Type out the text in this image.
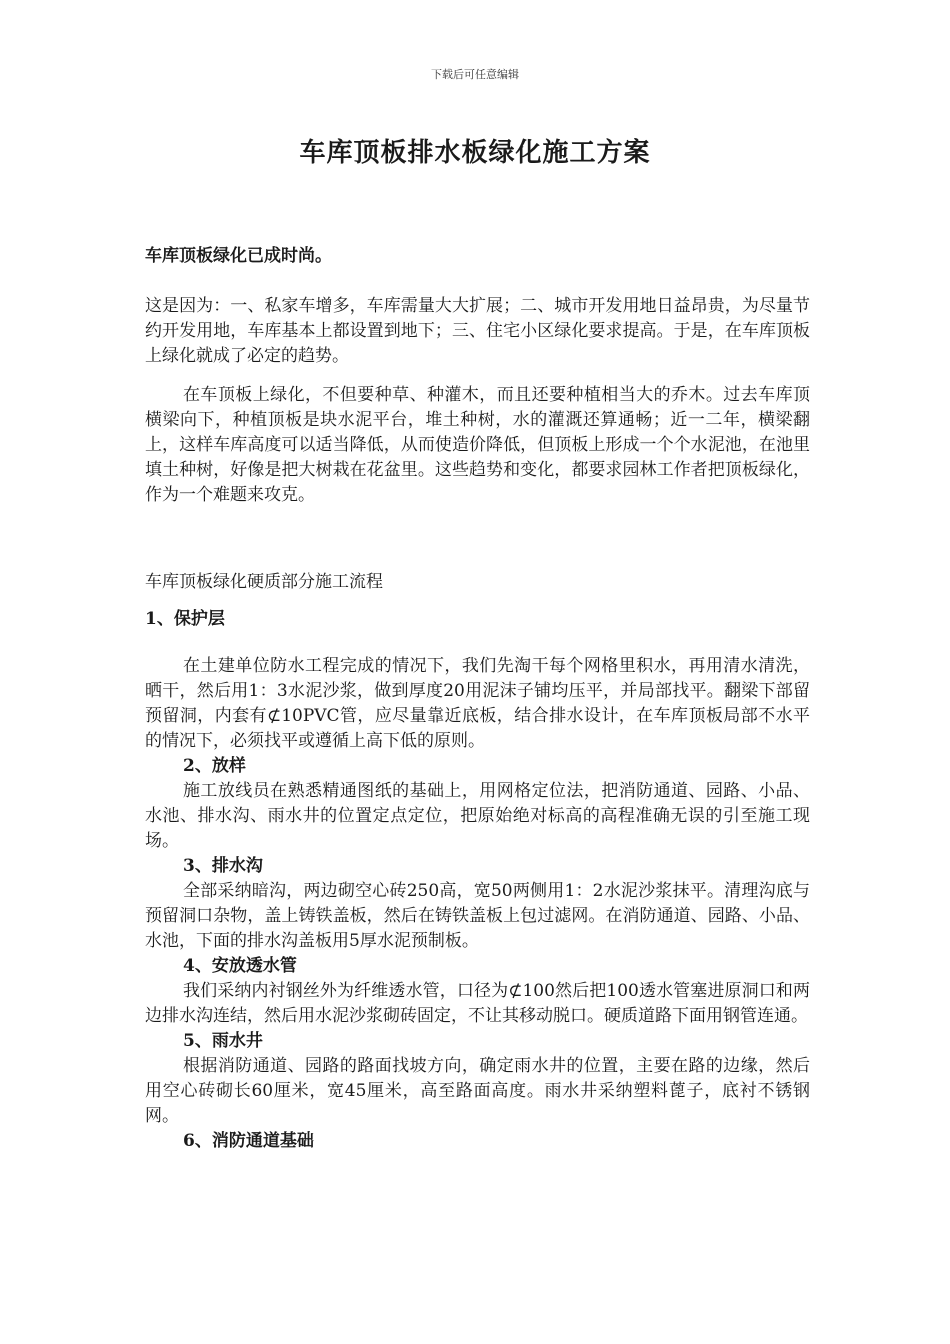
下载后可任意编辑
车库顶板排水板绿化施工方案

车库顶板绿化已成时尚。

这是因为：一、私家车增多，车库需量大大扩展；二、城市开发用地日益昂贵，为尽量节约开发用地，车库基本上都设置到地下；三、住宅小区绿化要求提高。于是，在车库顶板上绿化就成了必定的趋势。

在车顶板上绿化，不但要种草、种灌木，而且还要种植相当大的乔木。过去车库顶横梁向下，种植顶板是块水泥平台，堆土种树，水的灌溉还算通畅；近一二年，横梁翻上，这样车库高度可以适当降低，从而使造价降低，但顶板上形成一个个水泥池，在池里填土种树，好像是把大树栽在花盆里。这些趋势和变化，都要求园林工作者把顶板绿化，作为一个难题来攻克。

车库顶板绿化硬质部分施工流程

1、保护层

在土建单位防水工程完成的情况下，我们先淘干每个网格里积水，再用清水清洗，晒干，然后用1：3水泥沙浆，做到厚度20用泥沫子铺均压平，并局部找平。翻梁下部留预留洞，内套有⊄10PVC管，应尽量靠近底板，结合排水设计，在车库顶板局部不水平的情况下，必须找平或遵循上高下低的原则。

2、放样

施工放线员在熟悉精通图纸的基础上，用网格定位法，把消防通道、园路、小品、水池、排水沟、雨水井的位置定点定位，把原始绝对标高的高程准确无误的引至施工现场。

3、排水沟

全部采纳暗沟，两边砌空心砖250高，宽50两侧用1：2水泥沙浆抹平。清理沟底与预留洞口杂物，盖上铸铁盖板，然后在铸铁盖板上包过滤网。在消防通道、园路、小品、水池，下面的排水沟盖板用5厚水泥预制板。

4、安放透水管

我们采纳内衬钢丝外为纤维透水管，口径为⊄100然后把100透水管塞进原洞口和两边排水沟连结，然后用水泥沙浆砌砖固定，不让其移动脱口。硬质道路下面用钢管连通。

5、雨水井

根据消防通道、园路的路面找坡方向，确定雨水井的位置，主要在路的边缘，然后用空心砖砌长60厘米，宽45厘米，高至路面高度。雨水井采纳塑料蓖子，底衬不锈钢网。

6、消防通道基础
